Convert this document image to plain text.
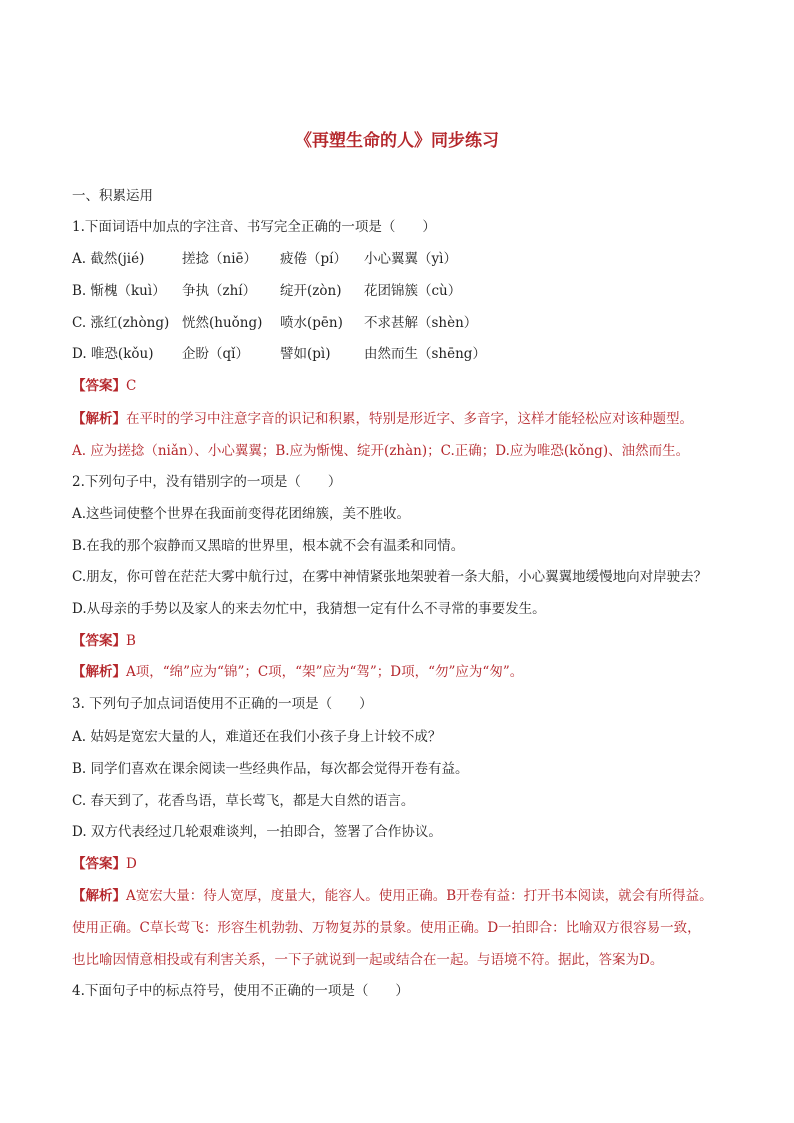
《再塑生命的人》同步练习
一、积累运用
1.下面词语中加点的字注音、书写完全正确的一项是（　　）
A. 截然(jié)	搓捻（niē） 疲倦（pí） 小心翼翼（yì）
B. 惭槐（kuì） 争执（zhí） 绽开(zòn) 花团锦簇（cù）
C. 涨红(zhòng) 恍然(huǒng) 喷水(pēn) 不求甚解（shèn）
D. 唯恐(kǒu) 企盼（qǐ） 譬如(pì) 由然而生（shēng）
【答案】C
【解析】在平时的学习中注意字音的识记和积累，特别是形近字、多音字，这样才能轻松应对该种题型。
A. 应为搓捻（niǎn）、小心翼翼；B.应为惭愧、绽开(zhàn)；C.正确；D.应为唯恐(kǒng)、油然而生。
2.下列句子中，没有错别字的一项是（　　）
A.这些词使整个世界在我面前变得花团绵簇，美不胜收。
B.在我的那个寂静而又黑暗的世界里，根本就不会有温柔和同情。
C.朋友，你可曾在茫茫大雾中航行过，在雾中神情紧张地架驶着一条大船，小心翼翼地缓慢地向对岸驶去？
D.从母亲的手势以及家人的来去勿忙中，我猜想一定有什么不寻常的事要发生。
【答案】B
【解析】A项，“绵”应为“锦”；C项，“架”应为“驾”；D项，“勿”应为“匆”。
3. 下列句子加点词语使用不正确的一项是（　　）
A. 姑妈是宽宏大量的人，难道还在我们小孩子身上计较不成？
B. 同学们喜欢在课余阅读一些经典作品，每次都会觉得开卷有益。
C. 春天到了，花香鸟语，草长莺飞，都是大自然的语言。
D. 双方代表经过几轮艰难谈判，一拍即合，签署了合作协议。
【答案】D
【解析】A宽宏大量：待人宽厚，度量大，能容人。使用正确。B开卷有益：打开书本阅读，就会有所得益。
使用正确。C草长莺飞：形容生机勃勃、万物复苏的景象。使用正确。D一拍即合：比喻双方很容易一致，
也比喻因情意相投或有利害关系，一下子就说到一起或结合在一起。与语境不符。据此，答案为D。
4.下面句子中的标点符号，使用不正确的一项是（　　）
